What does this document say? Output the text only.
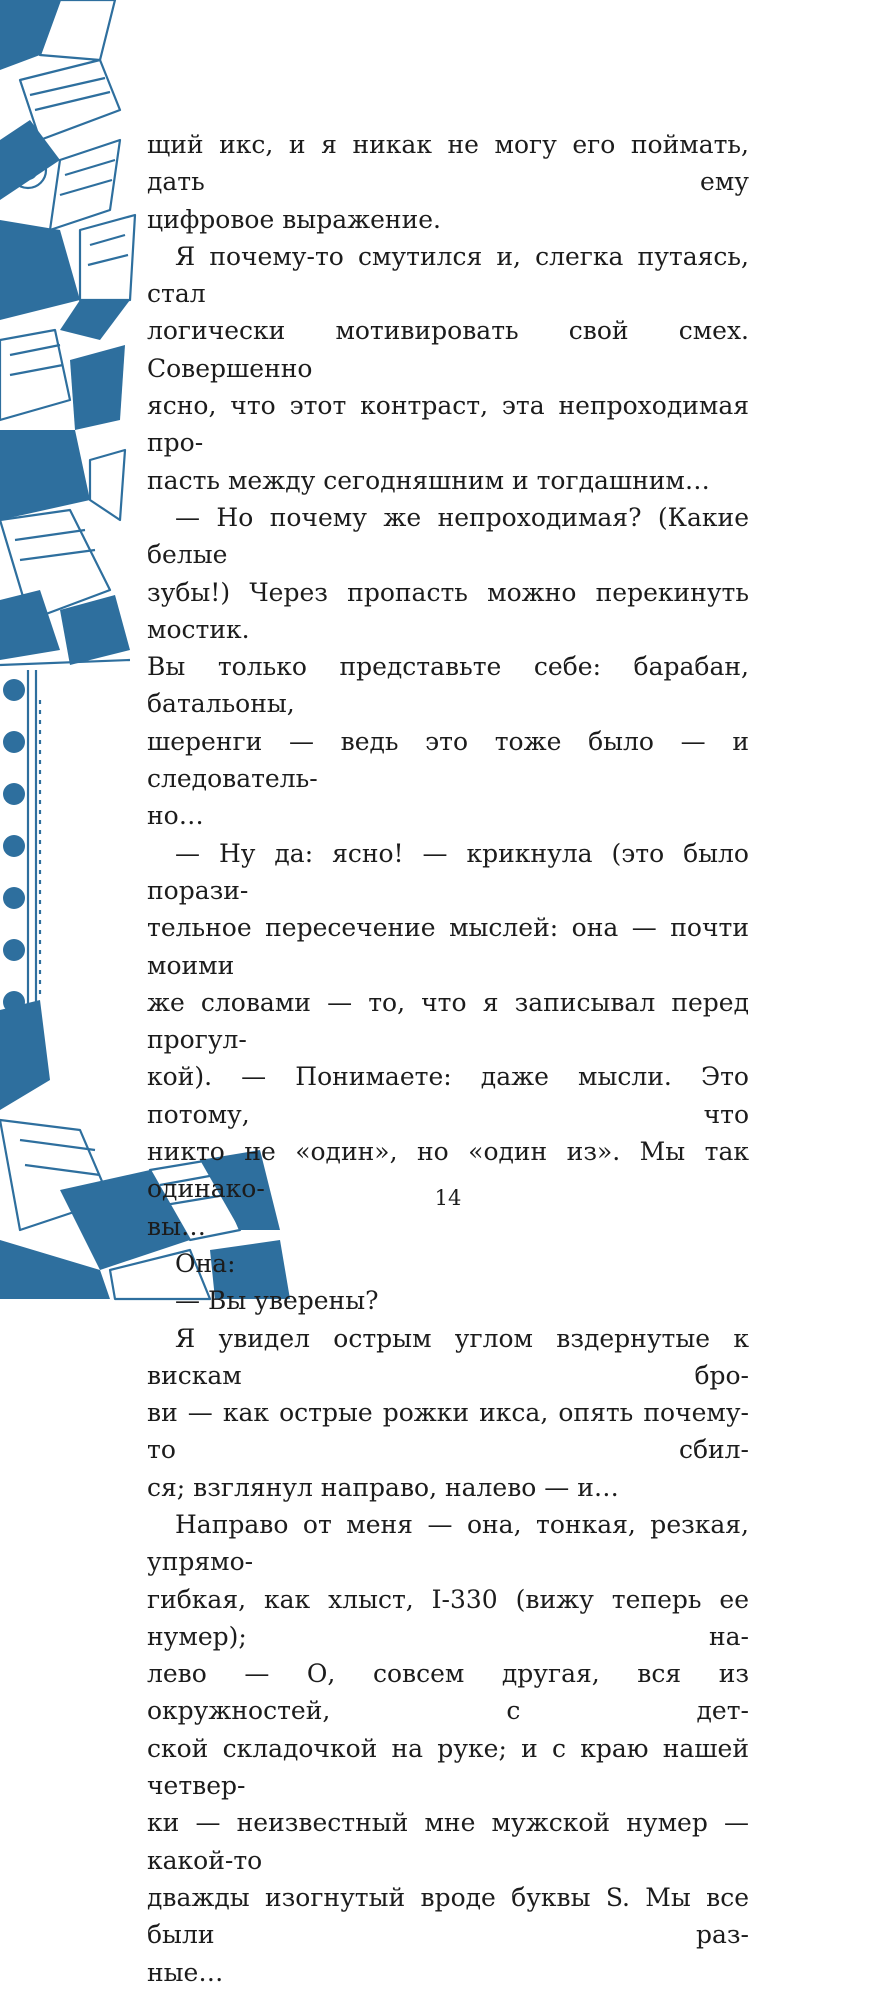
щий икс, и я никак не могу его поймать, дать ему

цифровое выражение.

Я почему-то смутился и, слегка путаясь, стал

логически мотивировать свой смех. Совершенно

ясно, что этот контраст, эта непроходимая про-

пасть между сегодняшним и тогдашним…

— Но почему же непроходимая? (Какие белые

зубы!) Через пропасть можно перекинуть мостик.

Вы только представьте себе: барабан, батальоны,

шеренги — ведь это тоже было — и следователь-

но…

— Ну да: ясно! — крикнула (это было порази-

тельное пересечение мыслей: она — почти моими

же словами — то, что я записывал перед прогул-

кой). — Понимаете: даже мысли. Это потому, что

никто не «один», но «один из». Мы так одинако-

вы…

Она:

— Вы уверены?

Я увидел острым углом вздернутые к вискам бро-

ви — как острые рожки икса, опять почему-то сбил-

ся; взглянул направо, налево — и…

Направо от меня — она, тонкая, резкая, упрямо-

гибкая, как хлыст, I-330 (вижу теперь ее нумер); на-

лево — О, совсем другая, вся из окружностей, с дет-

ской складочкой на руке; и с краю нашей четвер-

ки — неизвестный мне мужской нумер — какой-то

дважды изогнутый вроде буквы S. Мы все были раз-

ные…

14
